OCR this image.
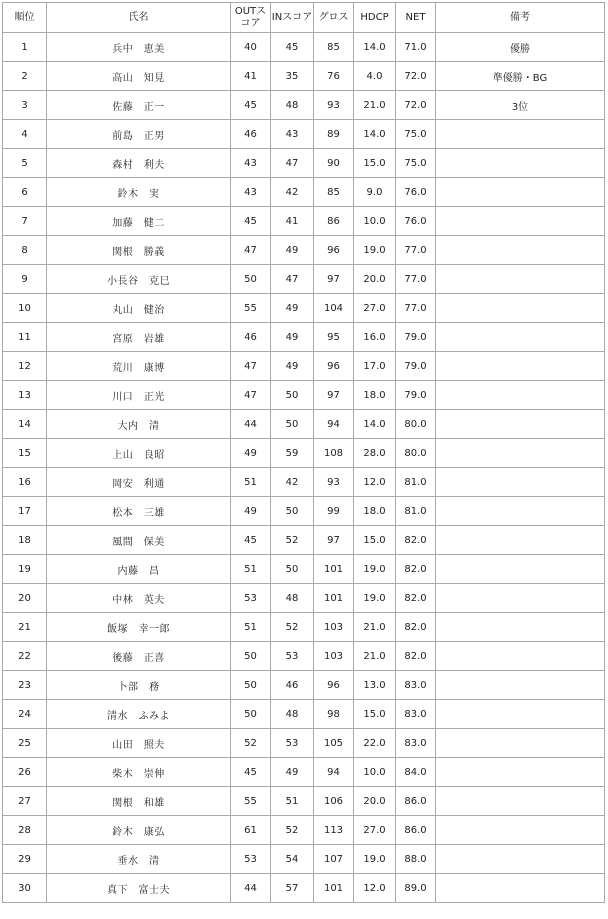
順位	氏名	OUTスコア	INスコア	グロス	HDCP	NET	備考
1	兵中　恵美	40	45	85	14.0	71.0	優勝
2	高山　知見	41	35	76	4.0	72.0	準優勝・BG
3	佐藤　正一	45	48	93	21.0	72.0	3位
4	前島　正男	46	43	89	14.0	75.0	
5	森村　利夫	43	47	90	15.0	75.0	
6	鈴木　実	43	42	85	9.0	76.0	
7	加藤　健二	45	41	86	10.0	76.0	
8	関根　勝義	47	49	96	19.0	77.0	
9	小長谷　克巳	50	47	97	20.0	77.0	
10	丸山　健治	55	49	104	27.0	77.0	
11	宮原　岩雄	46	49	95	16.0	79.0	
12	荒川　康博	47	49	96	17.0	79.0	
13	川口　正光	47	50	97	18.0	79.0	
14	大内　清	44	50	94	14.0	80.0	
15	上山　良昭	49	59	108	28.0	80.0	
16	岡安　利通	51	42	93	12.0	81.0	
17	松本　三雄	49	50	99	18.0	81.0	
18	風間　保美	45	52	97	15.0	82.0	
19	内藤　昌	51	50	101	19.0	82.0	
20	中林　英夫	53	48	101	19.0	82.0	
21	飯塚　幸一郎	51	52	103	21.0	82.0	
22	後藤　正喜	50	53	103	21.0	82.0	
23	卜部　務	50	46	96	13.0	83.0	
24	清水　ふみよ	50	48	98	15.0	83.0	
25	山田　照夫	52	53	105	22.0	83.0	
26	柴木　崇伸	45	49	94	10.0	84.0	
27	関根　和雄	55	51	106	20.0	86.0	
28	鈴木　康弘	61	52	113	27.0	86.0	
29	垂水　清	53	54	107	19.0	88.0	
30	真下　富士夫	44	57	101	12.0	89.0	
